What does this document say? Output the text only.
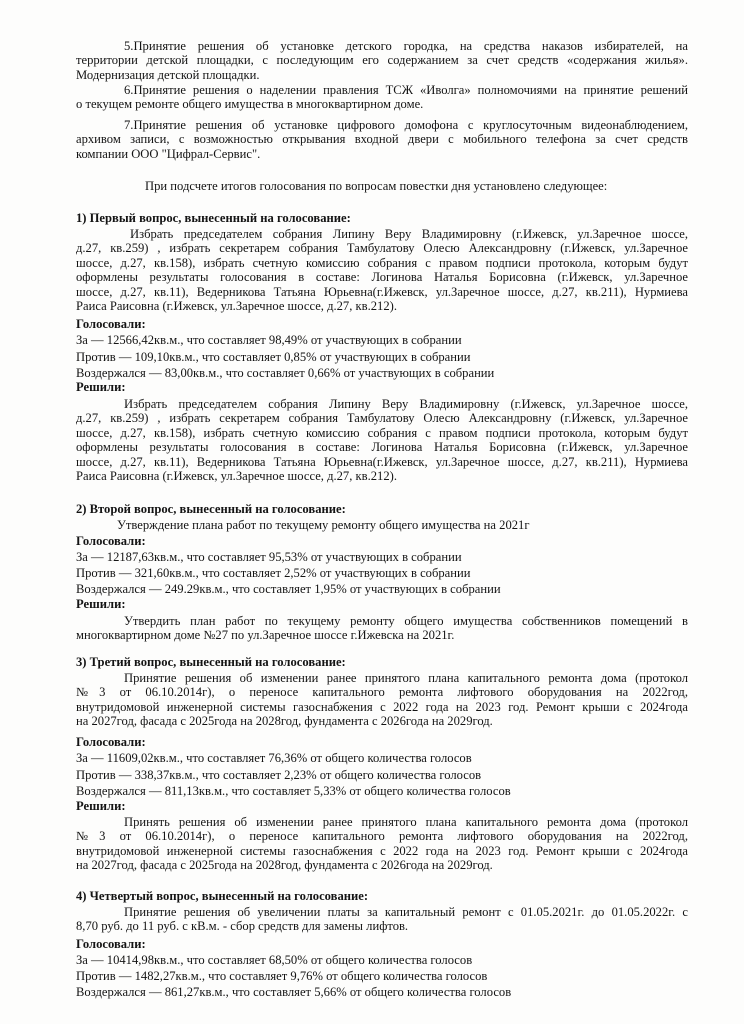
5.Принятие решения об установке детского городка, на средства наказов избирателей, на
территории детской площадки, с последующим его содержанием за счет средств «содержания жилья».
Модернизация детской площадки.
6.Принятие решения о наделении правления ТСЖ «Иволга» полномочиями на принятие решений
о текущем ремонте общего имущества в многоквартирном доме.
7.Принятие решения об установке цифрового домофона с круглосуточным видеонаблюдением,
архивом записи, с возможностью открывания входной двери с мобильного телефона за счет средств
компании ООО "Цифрал-Сервис".
При подсчете итогов голосования по вопросам повестки дня установлено следующее:
1) Первый вопрос, вынесенный на голосование:
Избрать председателем собрания Липину Веру Владимировну (г.Ижевск, ул.Заречное шоссе,
д.27, кв.259) , избрать секретарем собрания Тамбулатову Олесю Александровну (г.Ижевск, ул.Заречное
шоссе, д.27, кв.158), избрать счетную комиссию собрания с правом подписи протокола, которым будут
оформлены результаты голосования в составе: Логинова Наталья Борисовна (г.Ижевск, ул.Заречное
шоссе, д.27, кв.11), Ведерникова Татьяна Юрьевна(г.Ижевск, ул.Заречное шоссе, д.27, кв.211), Нурмиева
Раиса Раисовна (г.Ижевск, ул.Заречное шоссе, д.27, кв.212).
Голосовали:
За — 12566,42кв.м., что составляет 98,49% от участвующих в собрании
Против — 109,10кв.м., что составляет 0,85% от участвующих в собрании
Воздержался — 83,00кв.м., что составляет 0,66% от участвующих в собрании
Решили:
Избрать председателем собрания Липину Веру Владимировну (г.Ижевск, ул.Заречное шоссе,
д.27, кв.259) , избрать секретарем собрания Тамбулатову Олесю Александровну (г.Ижевск, ул.Заречное
шоссе, д.27, кв.158), избрать счетную комиссию собрания с правом подписи протокола, которым будут
оформлены результаты голосования в составе: Логинова Наталья Борисовна (г.Ижевск, ул.Заречное
шоссе, д.27, кв.11), Ведерникова Татьяна Юрьевна(г.Ижевск, ул.Заречное шоссе, д.27, кв.211), Нурмиева
Раиса Раисовна (г.Ижевск, ул.Заречное шоссе, д.27, кв.212).
2) Второй вопрос, вынесенный на голосование:
Утверждение плана работ по текущему ремонту общего имущества на 2021г
Голосовали:
За — 12187,63кв.м., что составляет 95,53% от участвующих в собрании
Против — 321,60кв.м., что составляет 2,52% от участвующих в собрании
Воздержался — 249.29кв.м., что составляет 1,95% от участвующих в собрании
Решили:
Утвердить план работ по текущему ремонту общего имущества собственников помещений в
многоквартирном доме №27 по ул.Заречное шоссе г.Ижевска на 2021г.
3) Третий вопрос, вынесенный на голосование:
Принятие решения об изменении ранее принятого плана капитального ремонта дома (протокол
№3 от 06.10.2014г), о переносе капитального ремонта лифтового оборудования на 2022год,
внутридомовой инженерной системы газоснабжения с 2022 года на 2023 год. Ремонт крыши с 2024года
на 2027год, фасада с 2025года на 2028год, фундамента с 2026года на 2029год.
Голосовали:
За — 11609,02кв.м., что составляет 76,36% от общего количества голосов
Против — 338,37кв.м., что составляет 2,23% от общего количества голосов
Воздержался — 811,13кв.м., что составляет 5,33% от общего количества голосов
Решили:
Принять решения об изменении ранее принятого плана капитального ремонта дома (протокол
№3 от 06.10.2014г), о переносе капитального ремонта лифтового оборудования на 2022год,
внутридомовой инженерной системы газоснабжения с 2022 года на 2023 год. Ремонт крыши с 2024года
на 2027год, фасада с 2025года на 2028год, фундамента с 2026года на 2029год.
4) Четвертый вопрос, вынесенный на голосование:
Принятие решения об увеличении платы за капитальный ремонт с 01.05.2021г. до 01.05.2022г. с
8,70 руб. до 11 руб. с кВ.м. - сбор средств для замены лифтов.
Голосовали:
За — 10414,98кв.м., что составляет 68,50% от общего количества голосов
Против — 1482,27кв.м., что составляет 9,76% от общего количества голосов
Воздержался — 861,27кв.м., что составляет 5,66% от общего количества голосов
